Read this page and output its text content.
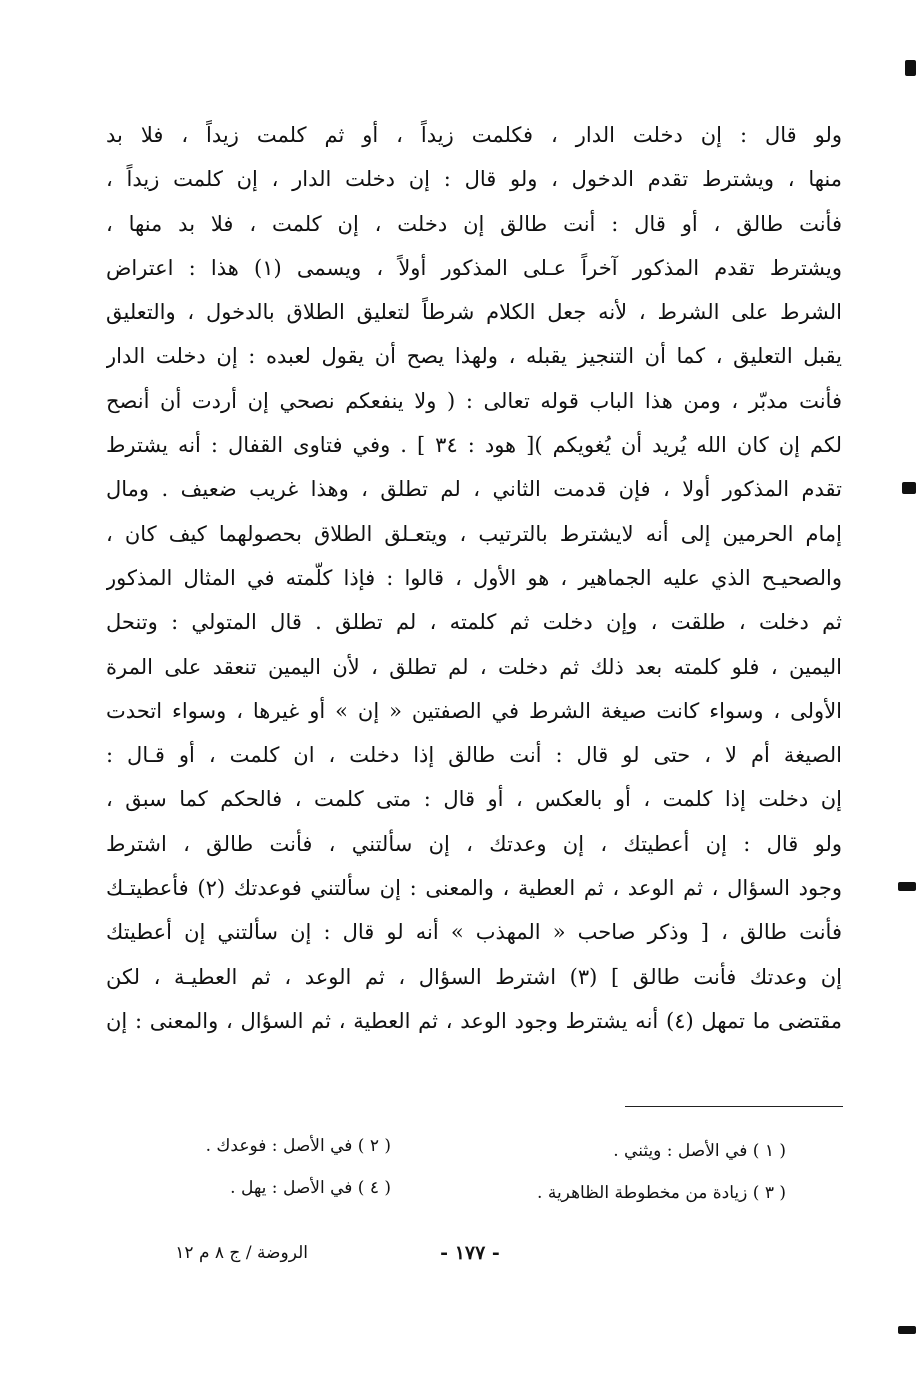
ولو قال : إن دخلت الدار ، فكلمت زيداً ، أو ثم كلمت زيداً ، فلا بد
منها ، ويشترط تقدم الدخول ، ولو قال : إن دخلت الدار ، إن كلمت زيداً ،
فأنت طالق ، أو قال : أنت طالق إن دخلت ، إن كلمت ، فلا بد منها ،
ويشترط تقدم المذكور آخراً عـلى المذكور أولاً ، ويسمى (١) هذا : اعتراض
الشرط على الشرط ، لأنه جعل الكلام شرطاً لتعليق الطلاق بالدخول ، والتعليق
يقبل التعليق ، كما أن التنجيز يقبله ، ولهذا يصح أن يقول لعبده : إن دخلت الدار
فأنت مدبّر ، ومن هذا الباب قوله تعالى : ( ولا ينفعكم نصحي إن أردت أن أنصح
لكم إن كان الله يُريد أن يُغويكم )[ هود : ٣٤ ] . وفي فتاوى القفال : أنه يشترط
تقدم المذكور أولا ، فإن قدمت الثاني ، لم تطلق ، وهذا غريب ضعيف . ومال
إمام الحرمين إلى أنه لايشترط بالترتيب ، ويتعـلق الطلاق بحصولهما كيف كان ،
والصحيـح الذي عليه الجماهير ، هو الأول ، قالوا : فإذا كلّمته في المثال المذكور
ثم دخلت ، طلقت ، وإن دخلت ثم كلمته ، لم تطلق . قال المتولي : وتنحل
اليمين ، فلو كلمته بعد ذلك ثم دخلت ، لم تطلق ، لأن اليمين تنعقد على المرة
الأولى ، وسواء كانت صيغة الشرط في الصفتين « إن » أو غيرها ، وسواء اتحدت
الصيغة أم لا ، حتى لو قال : أنت طالق إذا دخلت ، ان كلمت ، أو قـال :
إن دخلت إذا كلمت ، أو بالعكس ، أو قال : متى كلمت ، فالحكم كما سبق ،
ولو قال : إن أعطيتك ، إن وعدتك ، إن سألتني ، فأنت طالق ، اشترط
وجود السؤال ، ثم الوعد ، ثم العطية ، والمعنى : إن سألتني فوعدتك (٢) فأعطيتـك
فأنت طالق ، [ وذكر صاحب « المهذب » أنه لو قال : إن سألتني إن أعطيتك
إن وعدتك فأنت طالق ] (٣) اشترط السؤال ، ثم الوعد ، ثم العطيـة ، لكن
مقتضى ما تمهل (٤) أنه يشترط وجود الوعد ، ثم العطية ، ثم السؤال ، والمعنى : إن
( ١ ) في الأصل : ويثني .
( ٢ ) في الأصل : فوعدك .
( ٣ ) زيادة من مخطوطة الظاهرية .
( ٤ ) في الأصل : يهل .
- ١٧٧ -
الروضة / ج ٨ م ١٢
